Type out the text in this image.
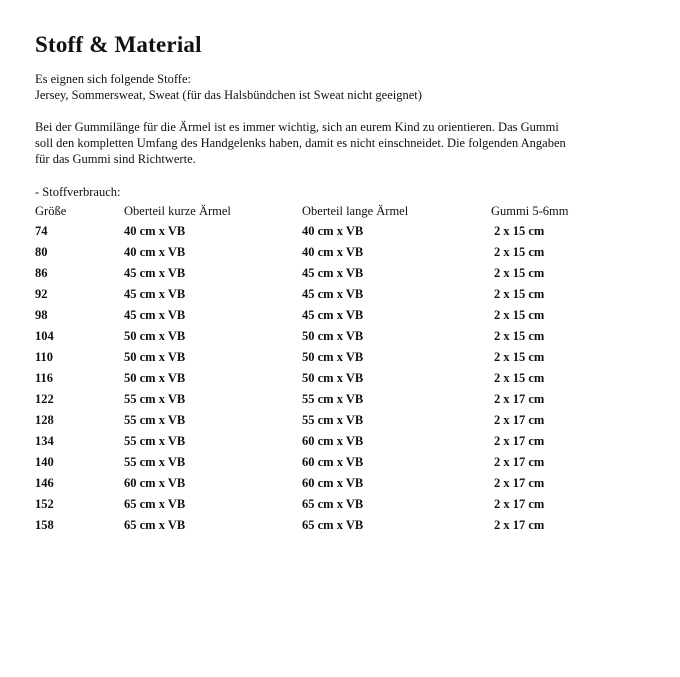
Stoff & Material
Es eignen sich folgende Stoffe:
Jersey, Sommersweat, Sweat (für das Halsbündchen ist Sweat nicht geeignet)
Bei der Gummilänge für die Ärmel ist es immer wichtig, sich an eurem Kind zu orientieren. Das Gummi
soll den kompletten Umfang des Handgelenks haben, damit es nicht einschneidet. Die folgenden Angaben
für das Gummi sind Richtwerte.
- Stoffverbrauch:
Größe	Oberteil kurze Ärmel	Oberteil lange Ärmel	Gummi 5-6mm
74	40 cm x VB	40 cm x VB	2 x 15 cm
80	40 cm x VB	40 cm x VB	2 x 15 cm
86	45 cm x VB	45 cm x VB	2 x 15 cm
92	45 cm x VB	45 cm x VB	2 x 15 cm
98	45 cm x VB	45 cm x VB	2 x 15 cm
104	50 cm x VB	50 cm x VB	2 x 15 cm
110	50 cm x VB	50 cm x VB	2 x 15 cm
116	50 cm x VB	50 cm x VB	2 x 15 cm
122	55 cm x VB	55 cm x VB	2 x 17 cm
128	55 cm x VB	55 cm x VB	2 x 17 cm
134	55 cm x VB	60 cm x VB	2 x 17 cm
140	55 cm x VB	60 cm x VB	2 x 17 cm
146	60 cm x VB	60 cm x VB	2 x 17 cm
152	65 cm x VB	65 cm x VB	2 x 17 cm
158	65 cm x VB	65 cm x VB	2 x 17 cm
